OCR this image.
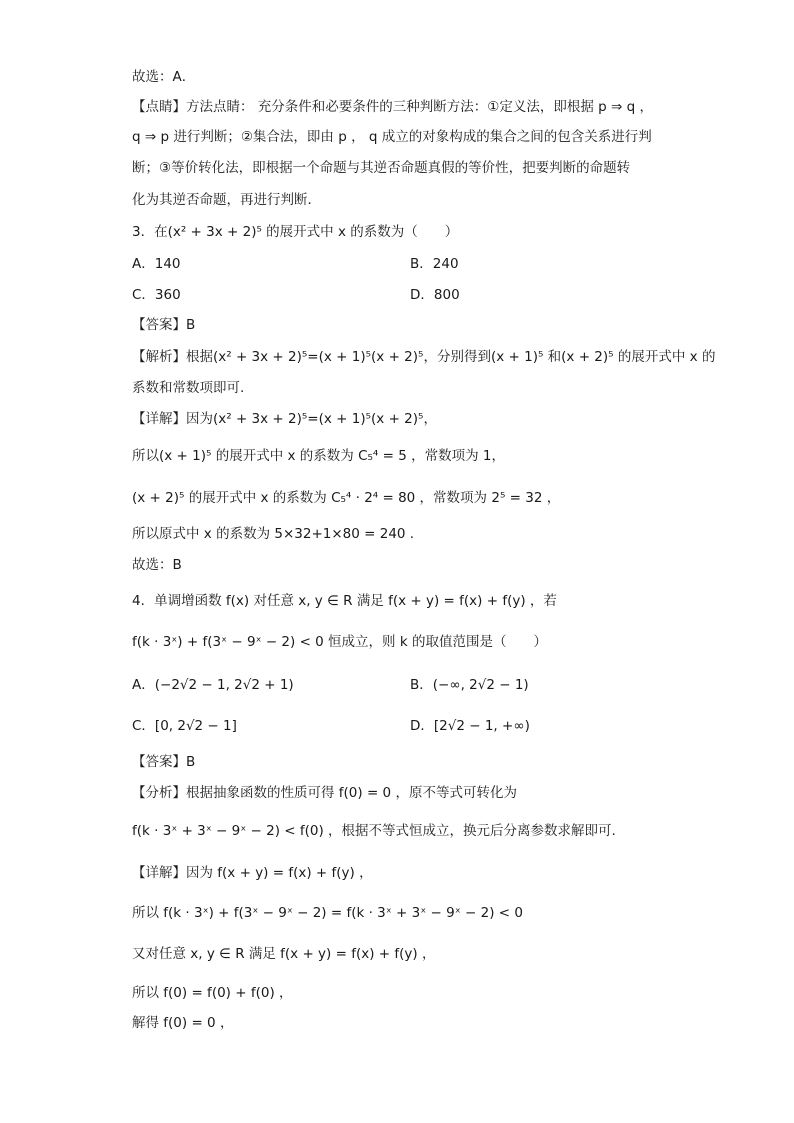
故选：A．
【点睛】方法点睛： 充分条件和必要条件的三种判断方法：①定义法，即根据 p ⇒ q ，
q ⇒ p 进行判断；②集合法，即由 p ， q 成立的对象构成的集合之间的包含关系进行判
断；③等价转化法，即根据一个命题与其逆否命题真假的等价性，把要判断的命题转
化为其逆否命题，再进行判断．
3．在(x² + 3x + 2)⁵ 的展开式中 x 的系数为（　　）
A．140	B．240
C．360	D．800
【答案】B
【解析】根据(x² + 3x + 2)⁵=(x + 1)⁵(x + 2)⁵，分别得到(x + 1)⁵ 和(x + 2)⁵ 的展开式中 x 的
系数和常数项即可.
【详解】因为(x² + 3x + 2)⁵=(x + 1)⁵(x + 2)⁵，
所以(x + 1)⁵ 的展开式中 x 的系数为 C₅⁴ = 5 ，常数项为 1，
(x + 2)⁵ 的展开式中 x 的系数为 C₅⁴ · 2⁴ = 80 ，常数项为 2⁵ = 32 ，
所以原式中 x 的系数为 5×32+1×80 = 240 .
故选：B
4．单调增函数 f(x) 对任意 x, y ∈ R 满足 f(x + y) = f(x) + f(y) ，若
f(k · 3ˣ) + f(3ˣ − 9ˣ − 2) < 0 恒成立，则 k 的取值范围是（　　）
A．(−2√2 − 1, 2√2 + 1)	B．(−∞, 2√2 − 1)
C．[0, 2√2 − 1]	D．[2√2 − 1, +∞)
【答案】B
【分析】根据抽象函数的性质可得 f(0) = 0 ，原不等式可转化为
f(k · 3ˣ + 3ˣ − 9ˣ − 2) < f(0) ，根据不等式恒成立，换元后分离参数求解即可.
【详解】因为 f(x + y) = f(x) + f(y) ，
所以 f(k · 3ˣ) + f(3ˣ − 9ˣ − 2) = f(k · 3ˣ + 3ˣ − 9ˣ − 2) < 0
又对任意 x, y ∈ R 满足 f(x + y) = f(x) + f(y) ，
所以 f(0) = f(0) + f(0) ，
解得 f(0) = 0 ，
